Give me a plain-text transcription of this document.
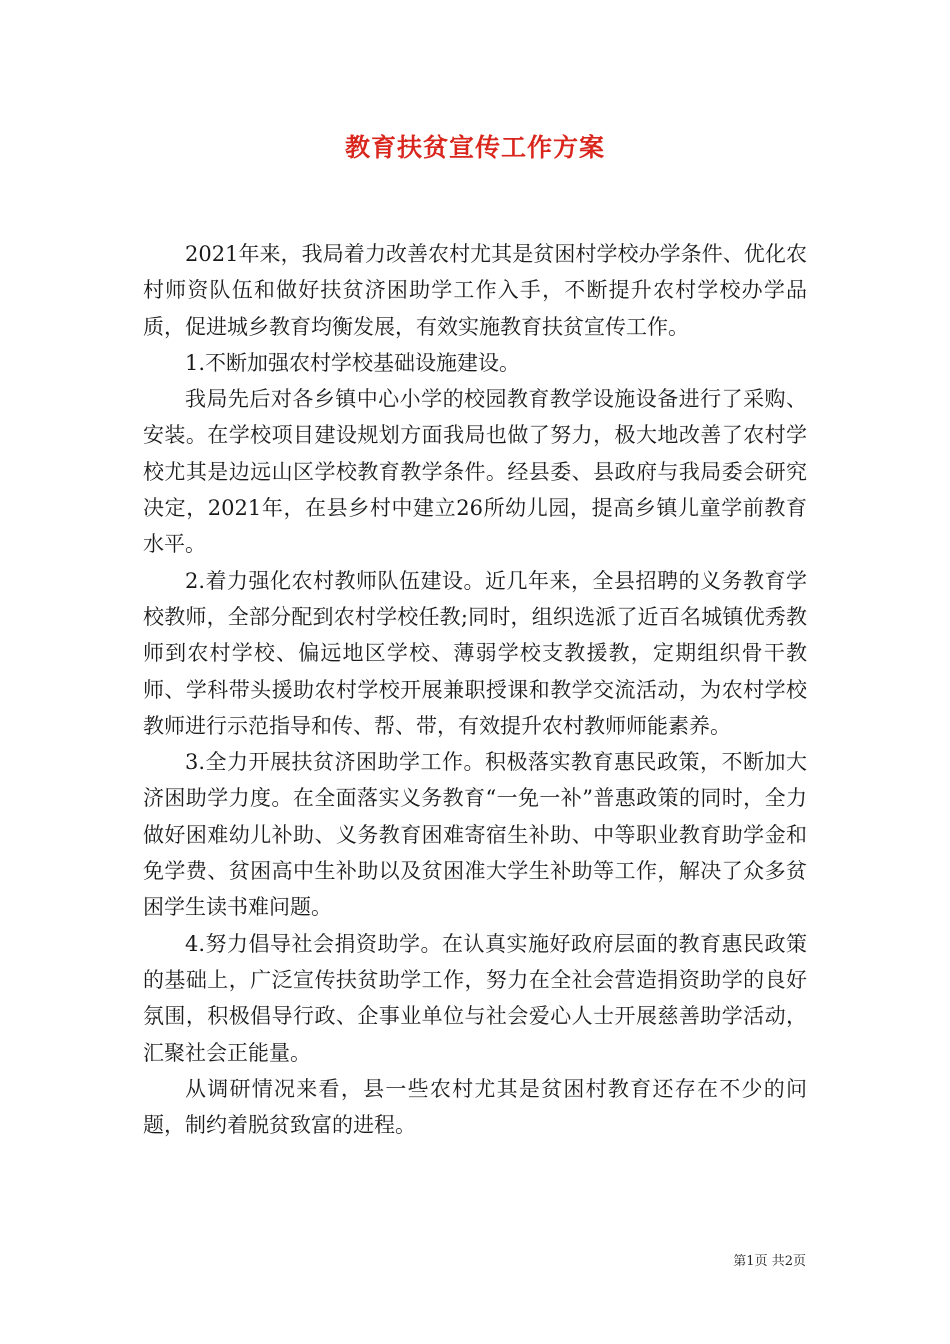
教育扶贫宣传工作方案

2021年来，我局着力改善农村尤其是贫困村学校办学条件、优化农村师资队伍和做好扶贫济困助学工作入手，不断提升农村学校办学品质，促进城乡教育均衡发展，有效实施教育扶贫宣传工作。

1.不断加强农村学校基础设施建设。

我局先后对各乡镇中心小学的校园教育教学设施设备进行了采购、安装。在学校项目建设规划方面我局也做了努力，极大地改善了农村学校尤其是边远山区学校教育教学条件。经县委、县政府与我局委会研究决定，2021年，在县乡村中建立26所幼儿园，提高乡镇儿童学前教育水平。

2.着力强化农村教师队伍建设。近几年来，全县招聘的义务教育学校教师，全部分配到农村学校任教;同时，组织选派了近百名城镇优秀教师到农村学校、偏远地区学校、薄弱学校支教援教，定期组织骨干教师、学科带头援助农村学校开展兼职授课和教学交流活动，为农村学校教师进行示范指导和传、帮、带，有效提升农村教师师能素养。

3.全力开展扶贫济困助学工作。积极落实教育惠民政策，不断加大济困助学力度。在全面落实义务教育“一免一补”普惠政策的同时，全力做好困难幼儿补助、义务教育困难寄宿生补助、中等职业教育助学金和免学费、贫困高中生补助以及贫困准大学生补助等工作，解决了众多贫困学生读书难问题。

4.努力倡导社会捐资助学。在认真实施好政府层面的教育惠民政策的基础上，广泛宣传扶贫助学工作，努力在全社会营造捐资助学的良好氛围，积极倡导行政、企事业单位与社会爱心人士开展慈善助学活动，汇聚社会正能量。

从调研情况来看，县一些农村尤其是贫困村教育还存在不少的问题，制约着脱贫致富的进程。

第1页 共2页
